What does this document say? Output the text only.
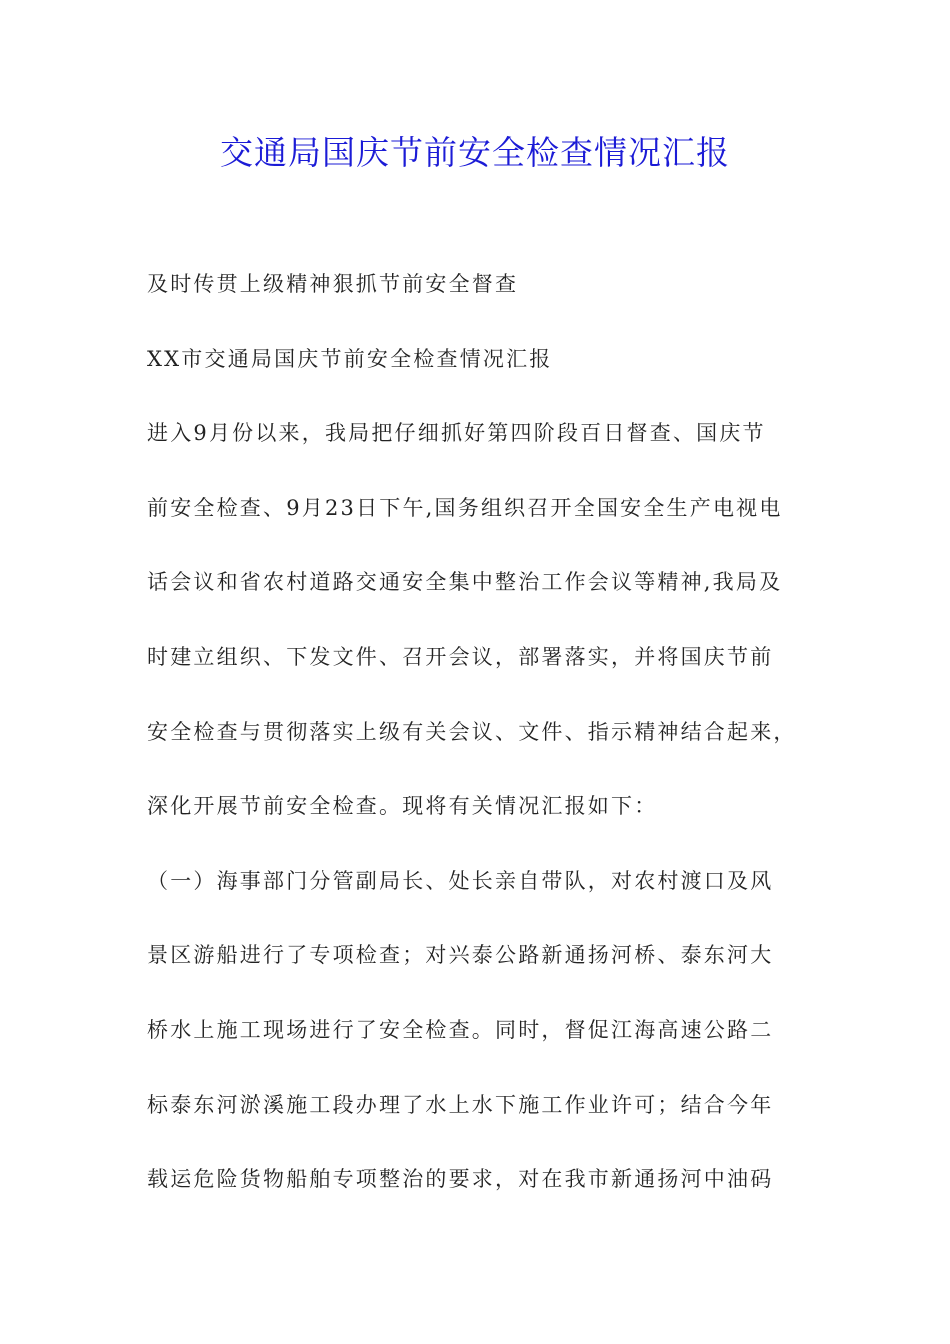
交通局国庆节前安全检查情况汇报
及时传贯上级精神狠抓节前安全督查
XX市交通局国庆节前安全检查情况汇报
进入9月份以来，我局把仔细抓好第四阶段百日督查、国庆节
前安全检查、9月23日下午,国务组织召开全国安全生产电视电
话会议和省农村道路交通安全集中整治工作会议等精神,我局及
时建立组织、下发文件、召开会议，部署落实，并将国庆节前
安全检查与贯彻落实上级有关会议、文件、指示精神结合起来，
深化开展节前安全检查。现将有关情况汇报如下：
（一）海事部门分管副局长、处长亲自带队，对农村渡口及风
景区游船进行了专项检查；对兴泰公路新通扬河桥、泰东河大
桥水上施工现场进行了安全检查。同时，督促江海高速公路二
标泰东河淤溪施工段办理了水上水下施工作业许可；结合今年
载运危险货物船舶专项整治的要求，对在我市新通扬河中油码
